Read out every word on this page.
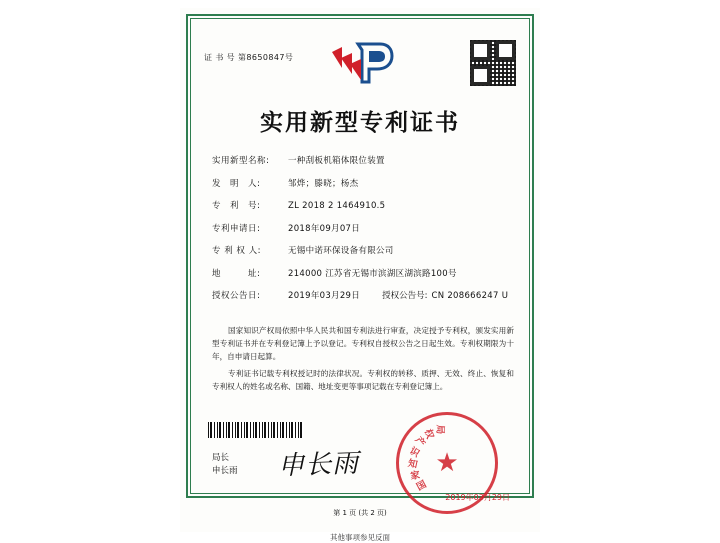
证 书 号 第8650847号
实用新型专利证书
实用新型名称:	一种刮板机箱体限位装置
发　明　人:	邹烨；滕晓；杨杰
专　利　号:	ZL 2018 2 1464910.5
专利申请日:	2018年09月07日
专 利 权 人:	无锡中诺环保设备有限公司
地　　　址:	214000 江苏省无锡市滨湖区湖滨路100号
授权公告日:	2019年03月29日	授权公告号: CN 208666247 U

国家知识产权局依照中华人民共和国专利法进行审查，决定授予专利权，颁发实用新型专利证书并在专利登记簿上予以登记。专利权自授权公告之日起生效。专利权期限为十年，自申请日起算。

专利证书记载专利权授记时的法律状况。专利权的转移、质押、无效、终止、恢复和专利权人的姓名或名称、国籍、地址变更等事项记载在专利登记簿上。

局长
申长雨 申长雨	★
国
家
知
识
产
权
局
2019年03月29日
第 1 页 (共 2 页)
其他事项参见反面
